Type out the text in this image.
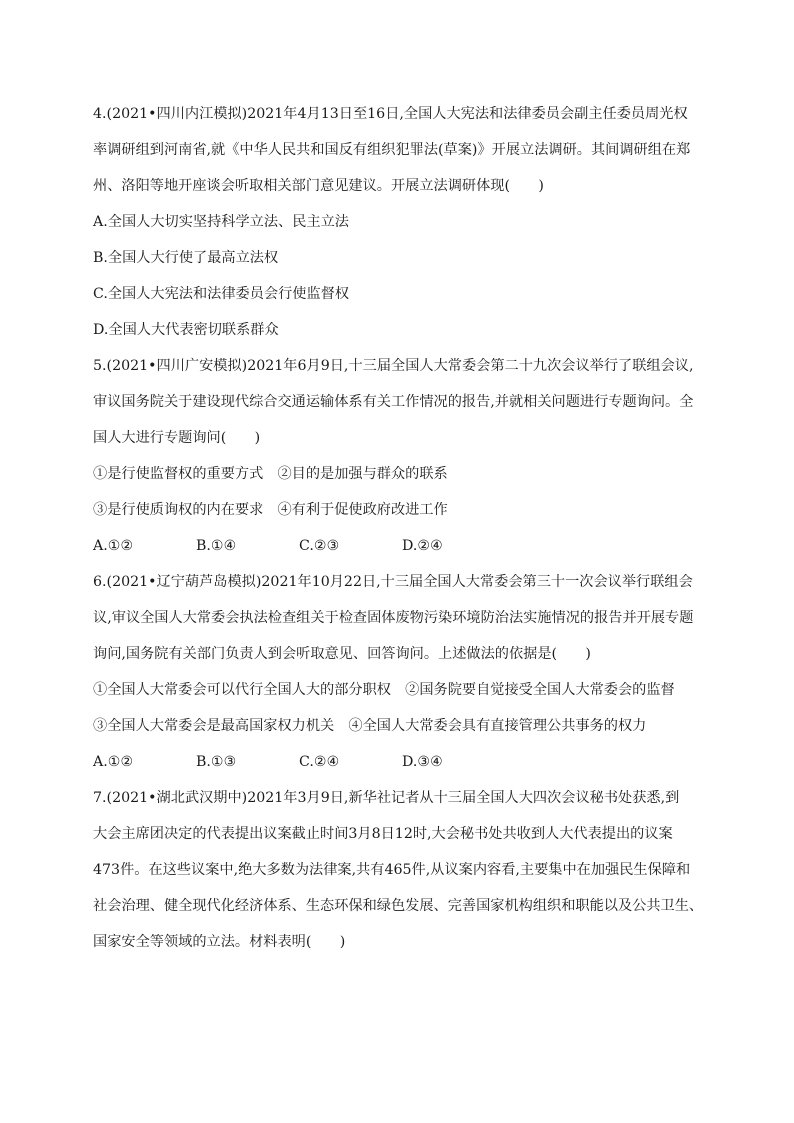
4.(2021•四川内江模拟)2021年4月13日至16日,全国人大宪法和法律委员会副主任委员周光权
率调研组到河南省,就《中华人民共和国反有组织犯罪法(草案)》开展立法调研。其间调研组在郑
州、洛阳等地开座谈会听取相关部门意见建议。开展立法调研体现(　　)
A.全国人大切实坚持科学立法、民主立法
B.全国人大行使了最高立法权
C.全国人大宪法和法律委员会行使监督权
D.全国人大代表密切联系群众
5.(2021•四川广安模拟)2021年6月9日,十三届全国人大常委会第二十九次会议举行了联组会议,
审议国务院关于建设现代综合交通运输体系有关工作情况的报告,并就相关问题进行专题询问。全
国人大进行专题询问(　　)
①是行使监督权的重要方式　②目的是加强与群众的联系
③是行使质询权的内在要求　④有利于促使政府改进工作
A.①②	B.①④	C.②③	D.②④
6.(2021•辽宁葫芦岛模拟)2021年10月22日,十三届全国人大常委会第三十一次会议举行联组会
议,审议全国人大常委会执法检查组关于检查固体废物污染环境防治法实施情况的报告并开展专题
询问,国务院有关部门负责人到会听取意见、回答询问。上述做法的依据是(　　)
①全国人大常委会可以代行全国人大的部分职权　②国务院要自觉接受全国人大常委会的监督
③全国人大常委会是最高国家权力机关　④全国人大常委会具有直接管理公共事务的权力
A.①②	B.①③	C.②④	D.③④
7.(2021•湖北武汉期中)2021年3月9日,新华社记者从十三届全国人大四次会议秘书处获悉,到
大会主席团决定的代表提出议案截止时间3月8日12时,大会秘书处共收到人大代表提出的议案
473件。在这些议案中,绝大多数为法律案,共有465件,从议案内容看,主要集中在加强民生保障和
社会治理、健全现代化经济体系、生态环保和绿色发展、完善国家机构组织和职能以及公共卫生、
国家安全等领域的立法。材料表明(　　)
